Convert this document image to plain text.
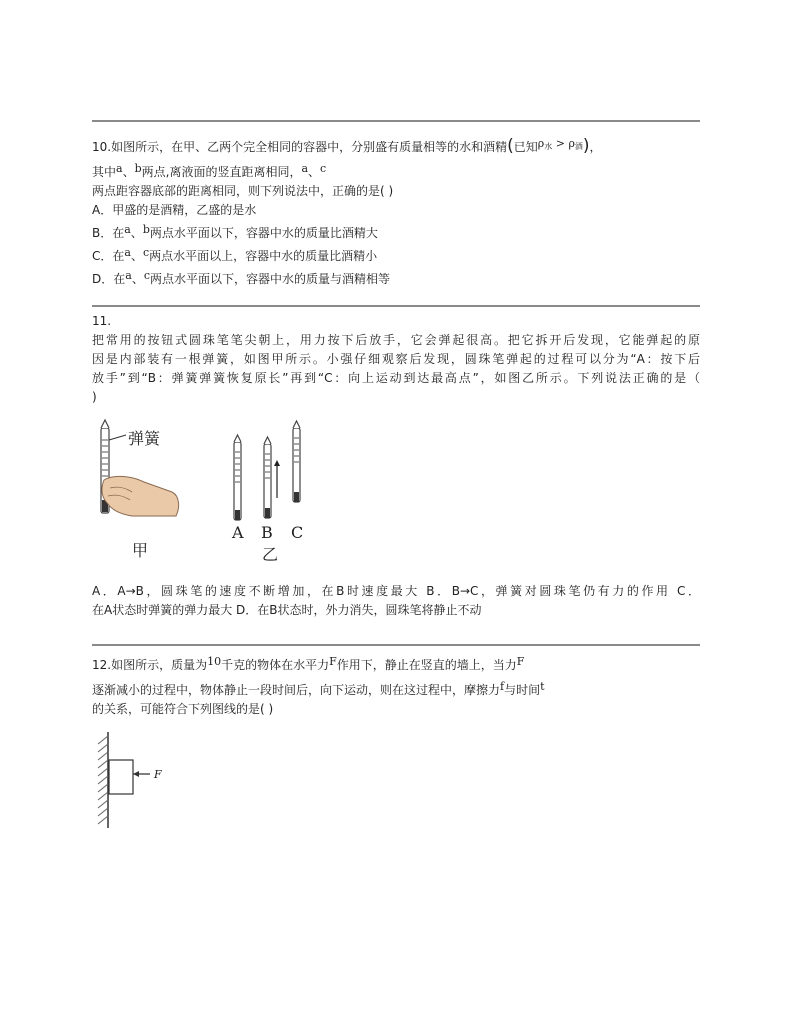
10.如图所示，在甲、乙两个完全相同的容器中，分别盛有质量相等的水和酒精(已知$\rho_水 > \rho_酒$)，
其中a、b两点,离液面的竖直距离相同，a、c
两点距容器底部的距离相同，则下列说法中，正确的是( )
A．甲盛的是酒精，乙盛的是水
B．在a、b两点水平面以下，容器中水的质量比酒精大
C．在a、c两点水平面以上，容器中水的质量比酒精小
D．在a、c两点水平面以下，容器中水的质量与酒精相等
11.
把常用的按钮式圆珠笔笔尖朝上，用力按下后放手，它会弹起很高。把它拆开后发现，它能弹起的原
因是内部装有一根弹簧，如图甲所示。小强仔细观察后发现，圆珠笔弹起的过程可以分为“A：按下后
放手”到“B：弹簧弹簧恢复原长”再到“C：向上运动到达最高点”，如图乙所示。下列说法正确的是（
)
弹簧
甲
A B C
乙
A．A→B，圆珠笔的速度不断增加，在B时速度最大 B．B→C，弹簧对圆珠笔仍有力的作用 C．
在A状态时弹簧的弹力最大 D．在B状态时，外力消失，圆珠笔将静止不动
12.如图所示，质量为10千克的物体在水平力F作用下，静止在竖直的墙上，当力F
逐渐减小的过程中，物体静止一段时间后，向下运动，则在这过程中，摩擦力f与时间t
的关系，可能符合下列图线的是( )
F
